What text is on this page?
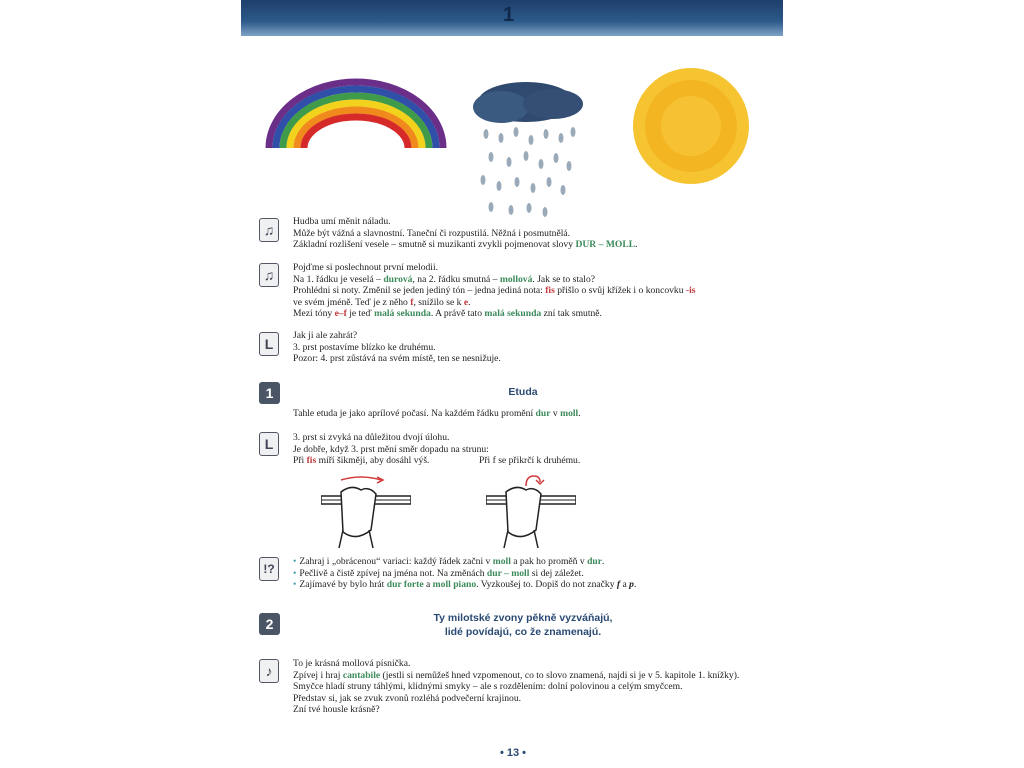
1
♫

Hudba umí měnit náladu.

Může být vážná a slavnostní. Taneční či rozpustilá. Něžná i posmutnělá.

Základní rozlišení vesele – smutně si muzikanti zvykli pojmenovat slovy DUR – MOLL.

♫	Pojďme si poslechnout první melodii.

Na 1. řádku je veselá – durová, na 2. řádku smutná – mollová. Jak se to stalo?

Prohlédni si noty. Změnil se jeden jediný tón – jedna jediná nota: fis přišlo o svůj křížek i o koncovku -is

ve svém jméně. Teď je z něho f, snížilo se k e.

Mezi tóny e–f je teď malá sekunda. A právě tato malá sekunda zní tak smutně.

L

Jak ji ale zahrát?

3. prst postavíme blízko ke druhému.

Pozor: 4. prst zůstává na svém místě, ten se nesnižuje.

1	Etuda

Tahle etuda je jako aprílové počasí. Na každém řádku promění dur v moll.

L	3. prst si zvyká na důležitou dvojí úlohu.

Je dobře, když 3. prst mění směr dopadu na strunu:

Při fis míří šikměji, aby dosáhl výš.	Při f se přikrčí k druhému.

!?

• Zahraj i „obrácenou“ variaci: každý řádek začni v moll a pak ho proměň v dur.

• Pečlivě a čistě zpívej na jména not. Na změnách dur – moll si dej záležet.

• Zajímavé by bylo hrát dur forte a moll piano. Vyzkoušej to. Dopiš do not značky f a p.

2	Ty milotské zvony pěkně vyzváňajú,
lidé povídajú, co že znamenajú.
♪	To je krásná mollová písnička.

Zpívej i hraj cantabile (jestli si nemůžeš hned vzpomenout, co to slovo znamená, najdi si je v 5. kapitole 1. knížky).

Smyčce hladí struny táhlými, klidnými smyky – ale s rozdělením: dolní polovinou a celým smyčcem.

Představ si, jak se zvuk zvonů rozléhá podvečerní krajinou.

Zní tvé housle krásně?

• 13 •
